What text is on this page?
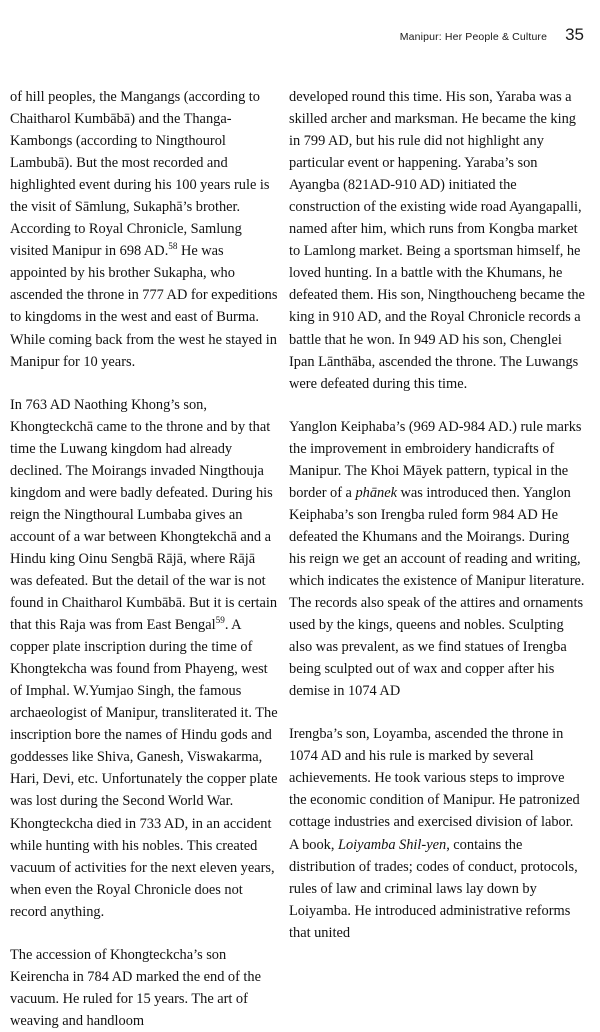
Manipur: Her People & Culture 35

of hill peoples, the Mangangs (according to Chaitharol Kumbābā) and the Thanga-Kambongs (according to Ningthourol Lambubā). But the most recorded and highlighted event during his 100 years rule is the visit of Sāmlung, Sukaphā’s brother. According to Royal Chronicle, Samlung visited Manipur in 698 AD.$^{58}$ He was appointed by his brother Sukapha, who ascended the throne in 777 AD for expeditions to kingdoms in the west and east of Burma. While coming back from the west he stayed in Manipur for 10 years.

In 763 AD Naothing Khong’s son, Khongteckchā came to the throne and by that time the Luwang kingdom had already declined. The Moirangs invaded Ningthouja kingdom and were badly defeated. During his reign the Ningthoural Lumbaba gives an account of a war between Khongtekchā and a Hindu king Oinu Sengbā Rājā, where Rājā was defeated. But the detail of the war is not found in Chaitharol Kumbābā. But it is certain that this Raja was from East Bengal$^{59}$. A copper plate inscription during the time of Khongtekcha was found from Phayeng, west of Imphal. W.Yumjao Singh, the famous archaeologist of Manipur, transliterated it. The inscription bore the names of Hindu gods and goddesses like Shiva, Ganesh, Viswakarma, Hari, Devi, etc. Unfortunately the copper plate was lost during the Second World War. Khongteckcha died in 733 AD, in an accident while hunting with his nobles. This created vacuum of activities for the next eleven years, when even the Royal Chronicle does not record anything.

The accession of Khongteckcha’s son Keirencha in 784 AD marked the end of the vacuum. He ruled for 15 years. The art of weaving and handloom

developed round this time. His son, Yaraba was a skilled archer and marksman. He became the king in 799 AD, but his rule did not highlight any particular event or happening. Yaraba’s son Ayangba (821AD-910 AD) initiated the construction of the existing wide road Ayangapalli, named after him, which runs from Kongba market to Lamlong market. Being a sportsman himself, he loved hunting. In a battle with the Khumans, he defeated them. His son, Ningthoucheng became the king in 910 AD, and the Royal Chronicle records a battle that he won. In 949 AD his son, Chenglei Ipan Lānthāba, ascended the throne. The Luwangs were defeated during this time.

Yanglon Keiphaba’s (969 AD-984 AD.) rule marks the improvement in embroidery handicrafts of Manipur. The Khoi Māyek pattern, typical in the border of a phānek was introduced then. Yanglon Keiphaba’s son Irengba ruled form 984 AD He defeated the Khumans and the Moirangs. During his reign we get an account of reading and writing, which indicates the existence of Manipur literature. The records also speak of the attires and ornaments used by the kings, queens and nobles. Sculpting also was prevalent, as we find statues of Irengba being sculpted out of wax and copper after his demise in 1074 AD

Irengba’s son, Loyamba, ascended the throne in 1074 AD and his rule is marked by several achievements. He took various steps to improve the economic condition of Manipur. He patronized cottage industries and exercised division of labor. A book, Loiyamba Shil-yen, contains the distribution of trades; codes of conduct, protocols, rules of law and criminal laws lay down by Loiyamba. He introduced administrative reforms that united
